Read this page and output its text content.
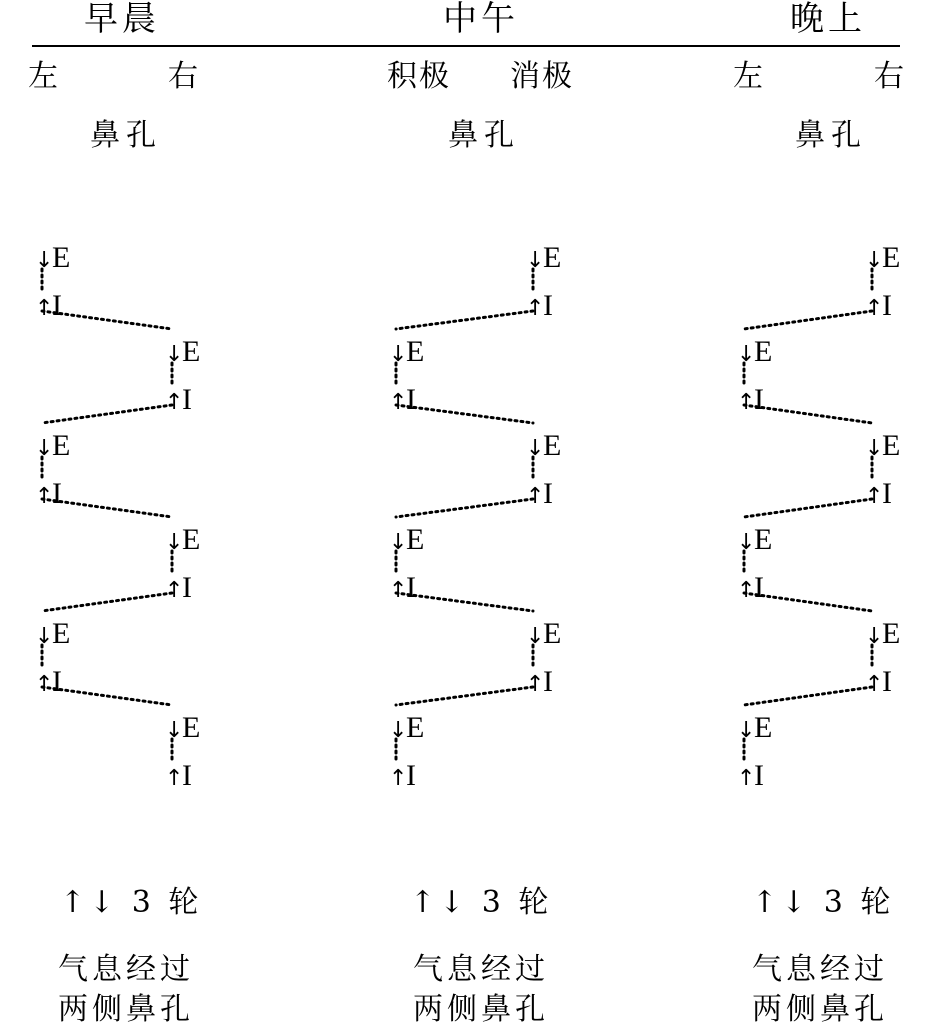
早晨	中午	晚上
左	右	积极 消极	左	右
鼻孔	鼻孔	鼻孔
↓
E
↑
I
↓
E
↑
I
↓
E
↑
I
↓
E
↑
I
↓
E
↑
I
↓
E
↑
I
↓
E
↑
I
↓
E
↑
I
↓
E
↑
I
↓
E
↑
I
↓
E
↑
I
↓
E
↑
I
↓
E
↑
I
↓
E
↑
I
↓
E
↑
I
↓
E
↑
I
↓
E
↑
I
↓
E
↑
I
↑↓ 3 轮
气息经过
两侧鼻孔
↑↓ 3 轮
气息经过
两侧鼻孔
↑↓ 3 轮
气息经过
两侧鼻孔
